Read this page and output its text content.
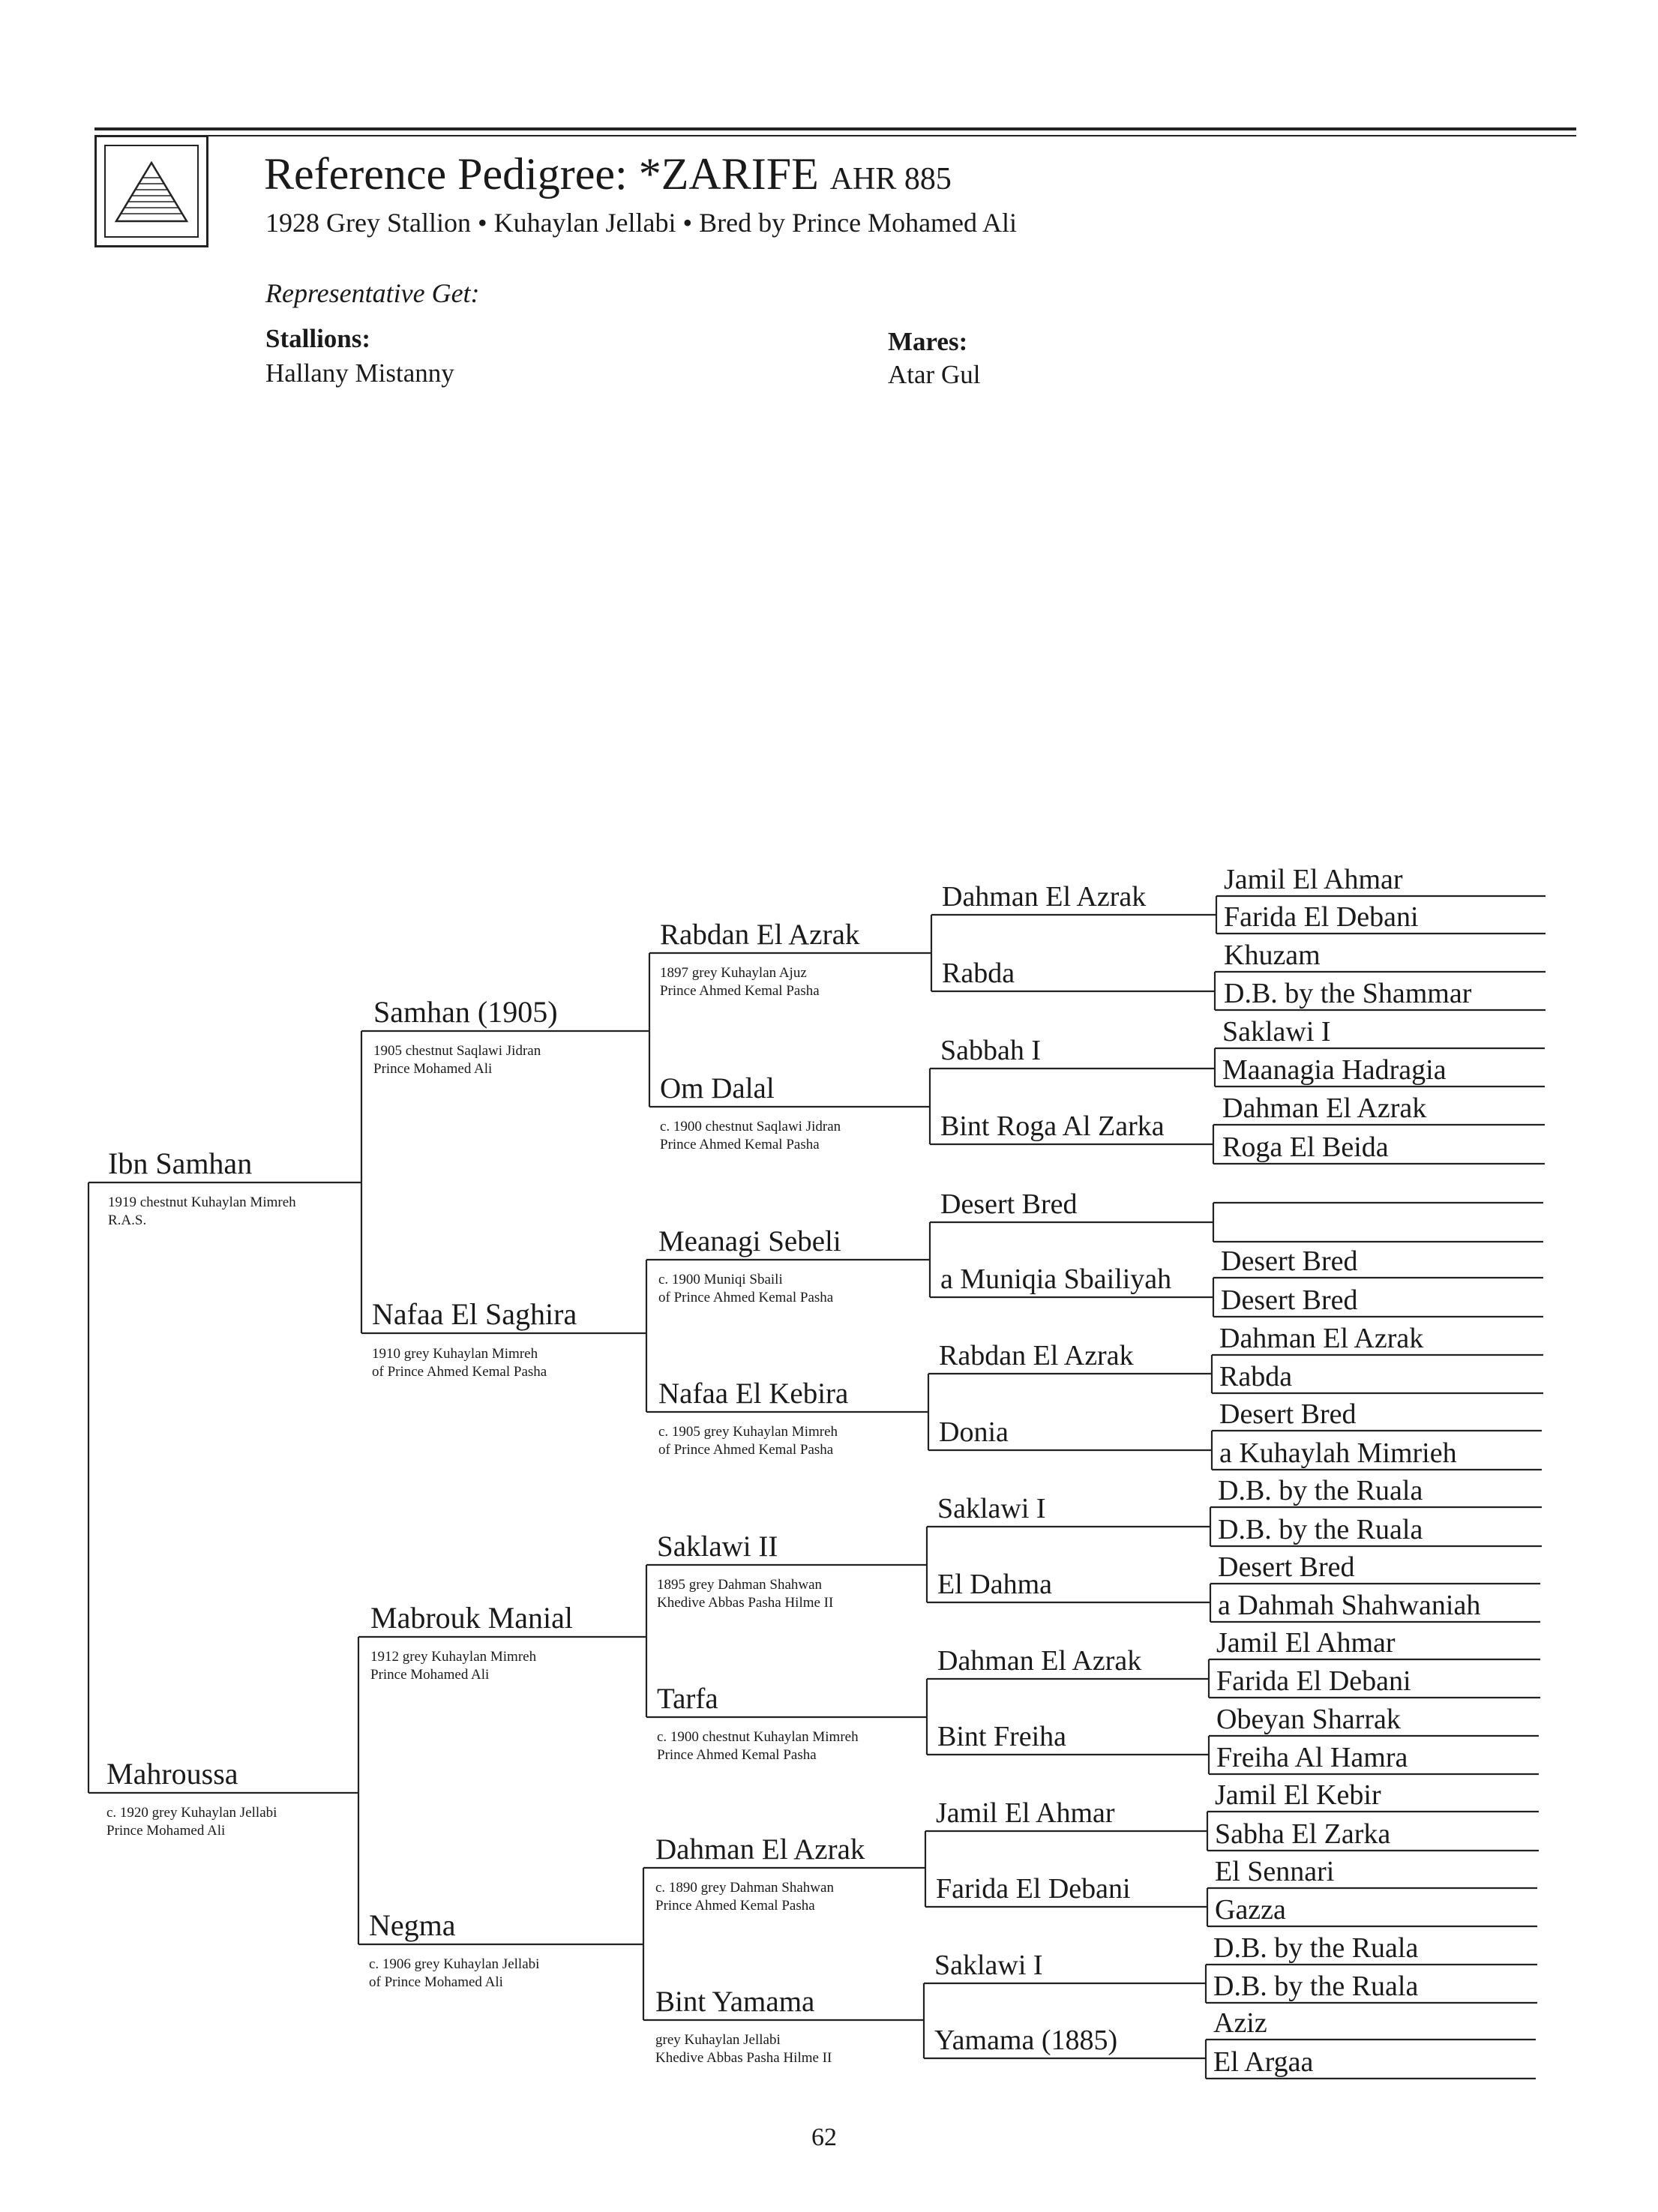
Reference Pedigree: *ZARIFE AHR 885
1928 Grey Stallion • Kuhaylan Jellabi • Bred by Prince Mohamed Ali
Representative Get:
Stallions:
Hallany Mistanny
Mares:
Atar Gul
Ibn Samhan
1919 chestnut Kuhaylan Mimreh
R.A.S.
Mahroussa
c. 1920 grey Kuhaylan Jellabi
Prince Mohamed Ali
Samhan (1905)
1905 chestnut Saqlawi Jidran
Prince Mohamed Ali
Nafaa El Saghira
1910 grey Kuhaylan Mimreh
of Prince Ahmed Kemal Pasha
Mabrouk Manial
1912 grey Kuhaylan Mimreh
Prince Mohamed Ali
Negma
c. 1906 grey Kuhaylan Jellabi
of Prince Mohamed Ali
Rabdan El Azrak
1897 grey Kuhaylan Ajuz
Prince Ahmed Kemal Pasha
Om Dalal
c. 1900 chestnut Saqlawi Jidran
Prince Ahmed Kemal Pasha
Meanagi Sebeli
c. 1900 Muniqi Sbaili
of Prince Ahmed Kemal Pasha
Nafaa El Kebira
c. 1905 grey Kuhaylan Mimreh
of Prince Ahmed Kemal Pasha
Saklawi II
1895 grey Dahman Shahwan
Khedive Abbas Pasha Hilme II
Tarfa
c. 1900 chestnut Kuhaylan Mimreh
Prince Ahmed Kemal Pasha
Dahman El Azrak
c. 1890 grey Dahman Shahwan
Prince Ahmed Kemal Pasha
Bint Yamama
grey Kuhaylan Jellabi
Khedive Abbas Pasha Hilme II
Dahman El Azrak
Rabda
Sabbah I
Bint Roga Al Zarka
Desert Bred
a Muniqia Sbailiyah
Rabdan El Azrak
Donia
Saklawi I
El Dahma
Dahman El Azrak
Bint Freiha
Jamil El Ahmar
Farida El Debani
Saklawi I
Yamama (1885)
Jamil El Ahmar
Farida El Debani
Khuzam
D.B. by the Shammar
Saklawi I
Maanagia Hadragia
Dahman El Azrak
Roga El Beida
Desert Bred
Desert Bred
Dahman El Azrak
Rabda
Desert Bred
a Kuhaylah Mimrieh
D.B. by the Ruala
D.B. by the Ruala
Desert Bred
a Dahmah Shahwaniah
Jamil El Ahmar
Farida El Debani
Obeyan Sharrak
Freiha Al Hamra
Jamil El Kebir
Sabha El Zarka
El Sennari
Gazza
D.B. by the Ruala
D.B. by the Ruala
Aziz
El Argaa
62
